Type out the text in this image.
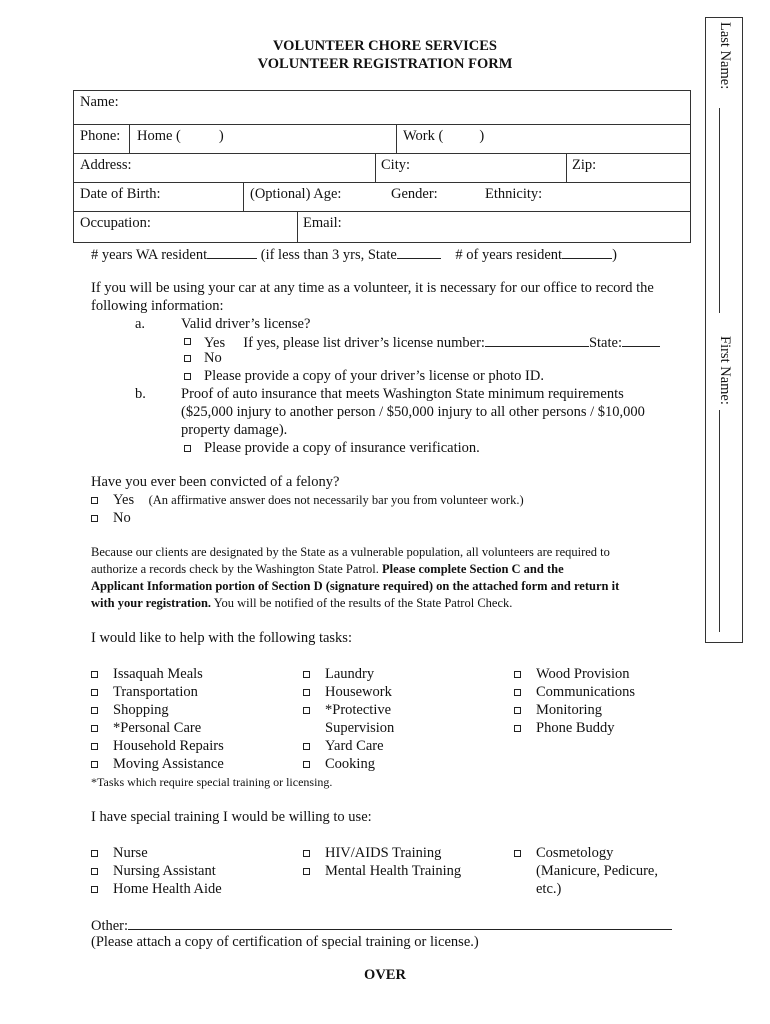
VOLUNTEER CHORE SERVICES
VOLUNTEER REGISTRATION FORM	Last Name:
First Name:
Name:
Phone: Home (	)	Work ( )
Address:	City:	Zip:
Date of Birth:	(Optional) Age:	Gender:	Ethnicity:
Occupation:	Email:
# years WA resident	(if less than 3 yrs, State	# of years resident	)
If you will be using your car at any time as a volunteer, it is necessary for our office to record the
following information:
a. Valid driver’s license?
Yes If yes, please list driver’s license number:	State:
No
Please provide a copy of your driver’s license or photo ID.
b. Proof of auto insurance that meets Washington State minimum requirements
($25,000 injury to another person / $50,000 injury to all other persons / $10,000
property damage).
Please provide a copy of insurance verification.
Have you ever been convicted of a felony?
Yes (An affirmative answer does not necessarily bar you from volunteer work.)
No
Because our clients are designated by the State as a vulnerable population, all volunteers are required to
authorize a records check by the Washington State Patrol. Please complete Section C and the
Applicant Information portion of Section D (signature required) on the attached form and return it
with your registration. You will be notified of the results of the State Patrol Check.
I would like to help with the following tasks:
Issaquah Meals
Transportation
Shopping
*Personal Care
Household Repairs
Moving Assistance
Laundry
Housework
*Protective
Supervision
Yard Care
Cooking
Wood Provision
Communications
Monitoring
Phone Buddy
*Tasks which require special training or licensing.
I have special training I would be willing to use:
Nurse
Nursing Assistant
Home Health Aide
HIV/AIDS Training
Mental Health Training
Cosmetology
(Manicure, Pedicure,
etc.)
Other:
(Please attach a copy of certification of special training or license.)
OVER
